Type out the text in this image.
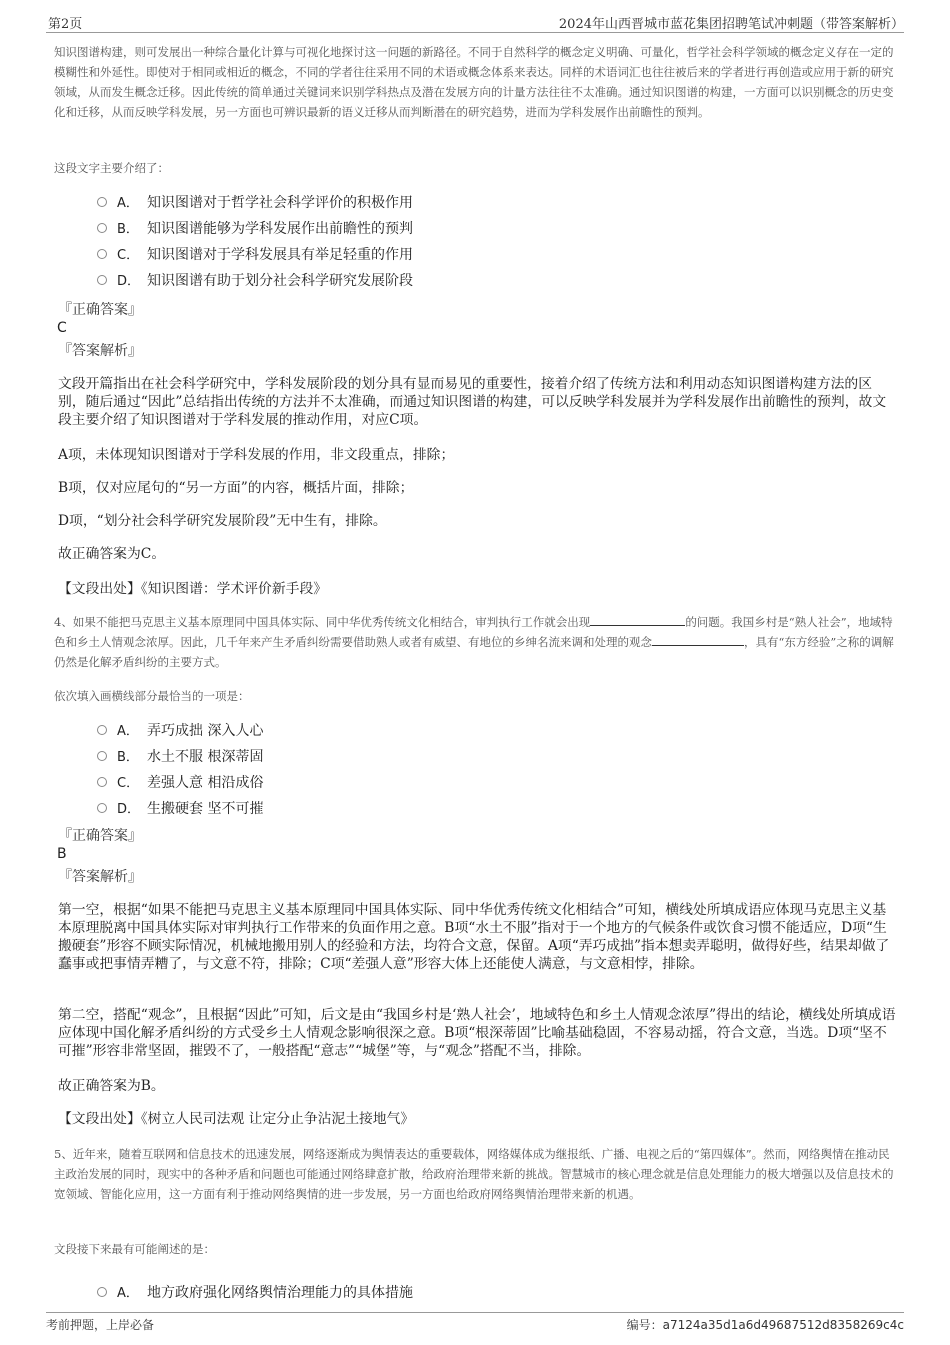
第2页	2024年山西晋城市蓝花集团招聘笔试冲刺题（带答案解析）
知识图谱构建，则可发展出一种综合量化计算与可视化地探讨这一问题的新路径。不同于自然科学的概念定义明确、可量化，哲学社会科学领域的概念定义存在一定的模糊性和外延性。即使对于相同或相近的概念，不同的学者往往采用不同的术语或概念体系来表达。同样的术语词汇也往往被后来的学者进行再创造或应用于新的研究领域，从而发生概念迁移。因此传统的简单通过关键词来识别学科热点及潜在发展方向的计量方法往往不太准确。通过知识图谱的构建，一方面可以识别概念的历史变化和迁移，从而反映学科发展，另一方面也可辨识最新的语义迁移从而判断潜在的研究趋势，进而为学科发展作出前瞻性的预判。
这段文字主要介绍了：
A． 知识图谱对于哲学社会科学评价的积极作用
B． 知识图谱能够为学科发展作出前瞻性的预判
C． 知识图谱对于学科发展具有举足轻重的作用
D． 知识图谱有助于划分社会科学研究发展阶段
『正确答案』
C
『答案解析』
文段开篇指出在社会科学研究中，学科发展阶段的划分具有显而易见的重要性，接着介绍了传统方法和利用动态知识图谱构建方法的区别，随后通过“因此”总结指出传统的方法并不太准确，而通过知识图谱的构建，可以反映学科发展并为学科发展作出前瞻性的预判，故文段主要介绍了知识图谱对于学科发展的推动作用，对应C项。
A项，未体现知识图谱对于学科发展的作用，非文段重点，排除；
B项，仅对应尾句的“另一方面”的内容，概括片面，排除；
D项，“划分社会科学研究发展阶段”无中生有，排除。
故正确答案为C。
【文段出处】《知识图谱：学术评价新手段》
4、如果不能把马克思主义基本原理同中国具体实际、同中华优秀传统文化相结合，审判执行工作就会出现	的问题。我国乡村是“熟人社会”，地域特色和乡土人情观念浓厚。因此，几千年来产生矛盾纠纷需要借助熟人或者有威望、有地位的乡绅名流来调和处理的观念	，具有“东方经验”之称的调解仍然是化解矛盾纠纷的主要方式。
依次填入画横线部分最恰当的一项是：
A． 弄巧成拙 深入人心
B． 水土不服 根深蒂固
C． 差强人意 相沿成俗
D． 生搬硬套 坚不可摧
『正确答案』
B
『答案解析』
第一空，根据“如果不能把马克思主义基本原理同中国具体实际、同中华优秀传统文化相结合”可知，横线处所填成语应体现马克思主义基本原理脱离中国具体实际对审判执行工作带来的负面作用之意。B项“水土不服”指对于一个地方的气候条件或饮食习惯不能适应，D项“生搬硬套”形容不顾实际情况，机械地搬用别人的经验和方法，均符合文意，保留。A项“弄巧成拙”指本想卖弄聪明，做得好些，结果却做了蠢事或把事情弄糟了，与文意不符，排除；C项“差强人意”形容大体上还能使人满意，与文意相悖，排除。
第二空，搭配“观念”，且根据“因此”可知，后文是由“我国乡村是‘熟人社会’，地域特色和乡土人情观念浓厚”得出的结论，横线处所填成语应体现中国化解矛盾纠纷的方式受乡土人情观念影响很深之意。B项“根深蒂固”比喻基础稳固，不容易动摇，符合文意，当选。D项“坚不可摧”形容非常坚固，摧毁不了，一般搭配“意志”“城堡”等，与“观念”搭配不当，排除。
故正确答案为B。
【文段出处】《树立人民司法观 让定分止争沾泥土接地气》
5、近年来，随着互联网和信息技术的迅速发展，网络逐渐成为舆情表达的重要载体，网络媒体成为继报纸、广播、电视之后的“第四媒体”。然而，网络舆情在推动民主政治发展的同时，现实中的各种矛盾和问题也可能通过网络肆意扩散，给政府治理带来新的挑战。智慧城市的核心理念就是信息处理能力的极大增强以及信息技术的宽领域、智能化应用，这一方面有利于推动网络舆情的进一步发展，另一方面也给政府网络舆情治理带来新的机遇。
文段接下来最有可能阐述的是：
A． 地方政府强化网络舆情治理能力的具体措施
考前押题，上岸必备	编号：a7124a35d1a6d49687512d8358269c4c
